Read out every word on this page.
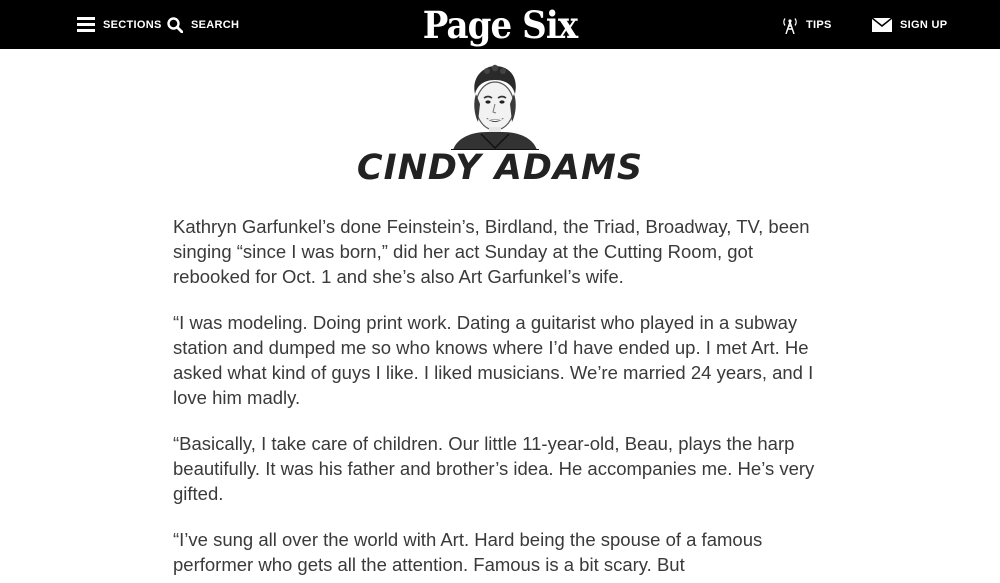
SECTIONS	SEARCH	Page Six	TIPS	SIGN UP
CINDY ADAMS

Kathryn Garfunkel’s done Feinstein’s, Birdland, the Triad, Broadway, TV, been singing “since I was born,” did her act Sunday at the Cutting Room, got rebooked for Oct. 1 and she’s also Art Garfunkel’s wife.

“I was modeling. Doing print work. Dating a guitarist who played in a subway station and dumped me so who knows where I’d have ended up. I met Art. He asked what kind of guys I like. I liked musicians. We’re married 24 years, and I love him madly.

“Basically, I take care of children. Our little 11-year-old, Beau, plays the harp beautifully. It was his father and brother’s idea. He accompanies me. He’s very gifted.

“I’ve sung all over the world with Art. Hard being the spouse of a famous performer who gets all the attention. Famous is a bit scary. But
